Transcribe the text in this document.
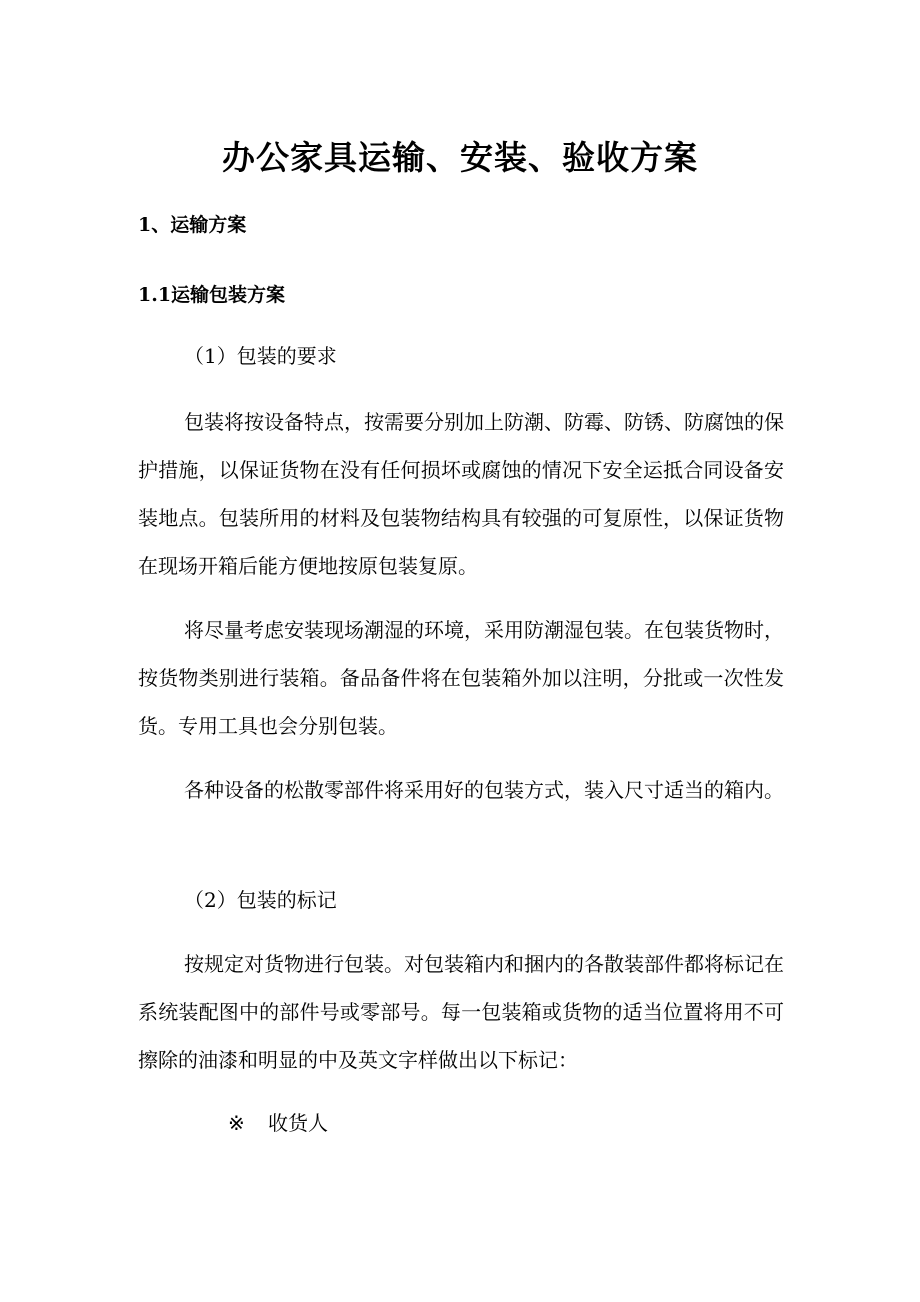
办公家具运输、安装、验收方案
1、运输方案
1.1运输包装方案
（1）包装的要求

包装将按设备特点，按需要分别加上防潮、防霉、防锈、防腐蚀的保护措施，以保证货物在没有任何损坏或腐蚀的情况下安全运抵合同设备安装地点。包装所用的材料及包装物结构具有较强的可复原性，以保证货物在现场开箱后能方便地按原包装复原。

将尽量考虑安装现场潮湿的环境，采用防潮湿包装。在包装货物时，按货物类别进行装箱。备品备件将在包装箱外加以注明，分批或一次性发货。专用工具也会分别包装。

各种设备的松散零部件将采用好的包装方式，装入尺寸适当的箱内。

（2）包装的标记

按规定对货物进行包装。对包装箱内和捆内的各散装部件都将标记在系统装配图中的部件号或零部号。每一包装箱或货物的适当位置将用不可擦除的油漆和明显的中及英文字样做出以下标记：

※ 收货人
